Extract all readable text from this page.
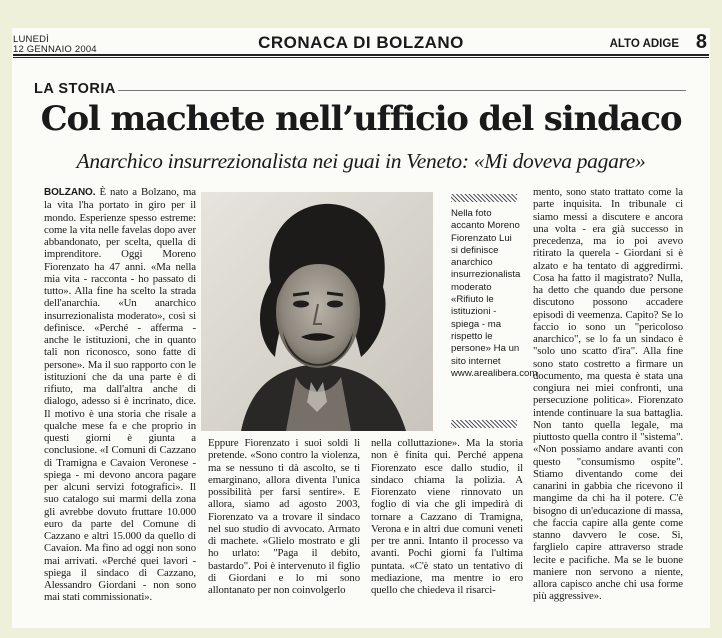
LUNEDÌ
12 GENNAIO 2004	CRONACA DI BOLZANO	ALTO ADIGE 8
LA STORIA
Col machete nell’ufficio del sindaco
Anarchico insurrezionalista nei guai in Veneto: «Mi doveva pagare»

BOLZANO. È nato a Bolzano, ma la vita l'ha portato in giro per il mondo. Esperienze spesso estreme: come la vita nelle favelas dopo aver abbandonato, per scelta, quella di imprenditore. Oggi Moreno Fiorenzato ha 47 anni. «Ma nella mia vita - racconta - ho passato di tutto». Alla fine ha scelto la strada dell'anarchia. «Un anarchico insurrezionalista moderato», così si definisce. «Perché - afferma - anche le istituzioni, che in quanto tali non riconosco, sono fatte di persone». Ma il suo rapporto con le istituzioni che da una parte è di rifiuto, ma dall'altra anche di dialogo, adesso si è incrinato, dice. Il motivo è una storia che risale a qualche mese fa e che proprio in questi giorni è giunta a conclusione. «I Comuni di Cazzano di Tramigna e Cavaion Veronese - spiega - mi devono ancora pagare per alcuni servizi fotografici». Il suo catalogo sui marmi della zona gli avrebbe dovuto fruttare 10.000 euro da parte del Comune di Cazzano e altri 15.000 da quello di Cavaion. Ma fino ad oggi non sono mai arrivati. «Perché quei lavori - spiega il sindaco di Cazzano, Alessandro Giordani - non sono mai stati commissionati».

Nella foto accanto Moreno Fiorenzato Lui si definisce anarchico insurrezionalista moderato «Rifiuto le istituzioni - spiega - ma rispetto le persone» Ha un sito internet www.arealibera.com

Eppure Fiorenzato i suoi soldi li pretende. «Sono contro la violenza, ma se nessuno ti dà ascolto, se ti emarginano, allora diventa l'unica possibilità per farsi sentire». E allora, siamo ad agosto 2003, Fiorenzato va a trovare il sindaco nel suo studio di avvocato. Armato di machete. «Glielo mostrato e gli ho urlato: "Paga il debito, bastardo". Poi è intervenuto il figlio di Giordani e lo mi sono allontanato per non coinvolgerlo

nella colluttazione». Ma la storia non è finita qui. Perché appena Fiorenzato esce dallo studio, il sindaco chiama la polizia. A Fiorenzato viene rinnovato un foglio di via che gli impedirà di tornare a Cazzano di Tramigna, Verona e in altri due comuni veneti per tre anni. Intanto il processo va avanti. Pochi giorni fa l'ultima puntata. «C'è stato un tentativo di mediazione, ma mentre io ero quello che chiedeva il risarci-

mento, sono stato trattato come la parte inquisita. In tribunale ci siamo messi a discutere e ancora una volta - era già successo in precedenza, ma io poi avevo ritirato la querela - Giordani si è alzato e ha tentato di aggredirmi. Cosa ha fatto il magistrato? Nulla, ha detto che quando due persone discutono possono accadere episodi di veemenza. Capito? Se lo faccio io sono un "pericoloso anarchico", se lo fa un sindaco è "solo uno scatto d'ira". Alla fine sono stato costretto a firmare un documento, ma questa è stata una congiura nei miei confronti, una persecuzione politica». Fiorenzato intende continuare la sua battaglia. Non tanto quella legale, ma piuttosto quella contro il "sistema". «Non possiamo andare avanti con questo "consumismo ospite". Stiamo diventando come dei canarini in gabbia che ricevono il mangime da chi ha il potere. C'è bisogno di un'educazione di massa, che faccia capire alla gente come stanno davvero le cose. Sì, farglielo capire attraverso strade lecite e pacifiche. Ma se le buone maniere non servono a niente, allora capisco anche chi usa forme più aggressive».
